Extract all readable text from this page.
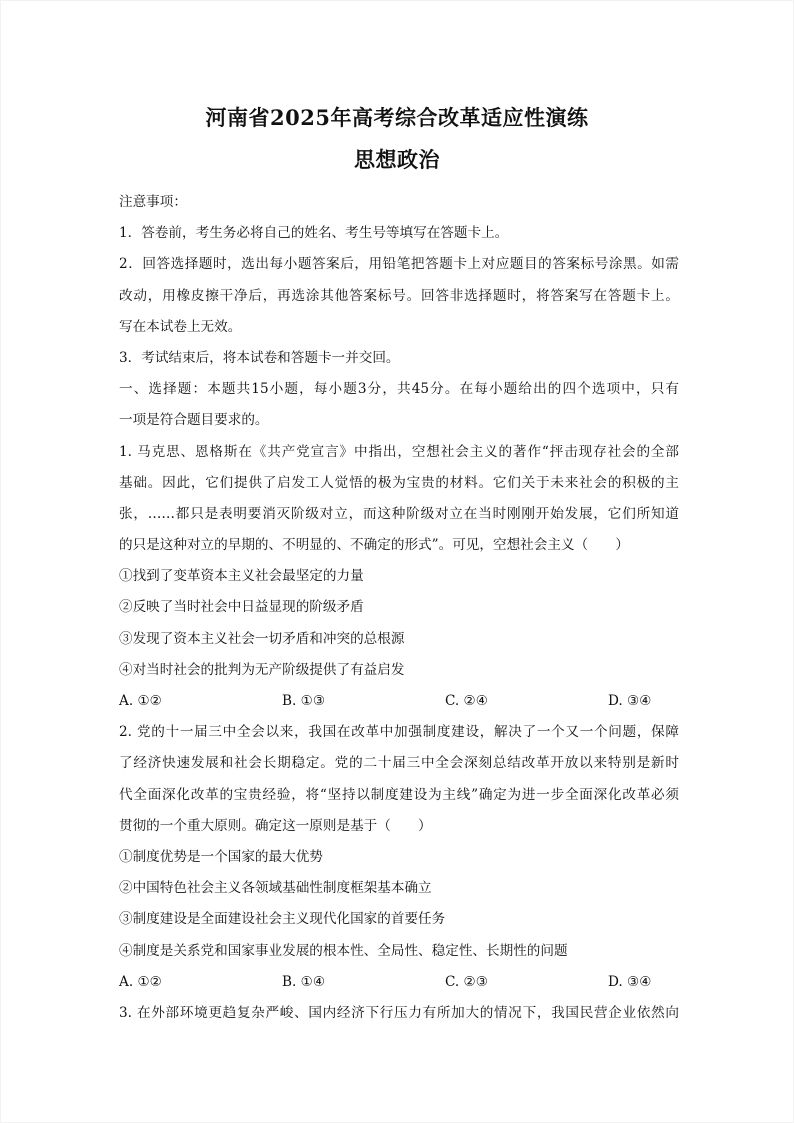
河南省2025年高考综合改革适应性演练
思想政治
注意事项：
1．答卷前，考生务必将自己的姓名、考生号等填写在答题卡上。
2．回答选择题时，选出每小题答案后，用铅笔把答题卡上对应题目的答案标号涂黑。如需
改动，用橡皮擦干净后，再选涂其他答案标号。回答非选择题时，将答案写在答题卡上。
写在本试卷上无效。
3．考试结束后，将本试卷和答题卡一并交回。
一、选择题：本题共15小题，每小题3分，共45分。在每小题给出的四个选项中，只有
一项是符合题目要求的。
1. 马克思、恩格斯在《共产党宣言》中指出，空想社会主义的著作“抨击现存社会的全部
基础。因此，它们提供了启发工人觉悟的极为宝贵的材料。它们关于未来社会的积极的主
张，……都只是表明要消灭阶级对立，而这种阶级对立在当时刚刚开始发展，它们所知道
的只是这种对立的早期的、不明显的、不确定的形式”。可见，空想社会主义（　　）
①找到了变革资本主义社会最坚定的力量
②反映了当时社会中日益显现的阶级矛盾
③发现了资本主义社会一切矛盾和冲突的总根源
④对当时社会的批判为无产阶级提供了有益启发
A. ①②	B. ①③	C. ②④	D. ③④
2. 党的十一届三中全会以来，我国在改革中加强制度建设，解决了一个又一个问题，保障
了经济快速发展和社会长期稳定。党的二十届三中全会深刻总结改革开放以来特别是新时
代全面深化改革的宝贵经验，将“坚持以制度建设为主线”确定为进一步全面深化改革必须
贯彻的一个重大原则。确定这一原则是基于（　　）
①制度优势是一个国家的最大优势
②中国特色社会主义各领域基础性制度框架基本确立
③制度建设是全面建设社会主义现代化国家的首要任务
④制度是关系党和国家事业发展的根本性、全局性、稳定性、长期性的问题
A. ①②	B. ①④	C. ②③	D. ③④
3. 在外部环境更趋复杂严峻、国内经济下行压力有所加大的情况下，我国民营企业依然向
